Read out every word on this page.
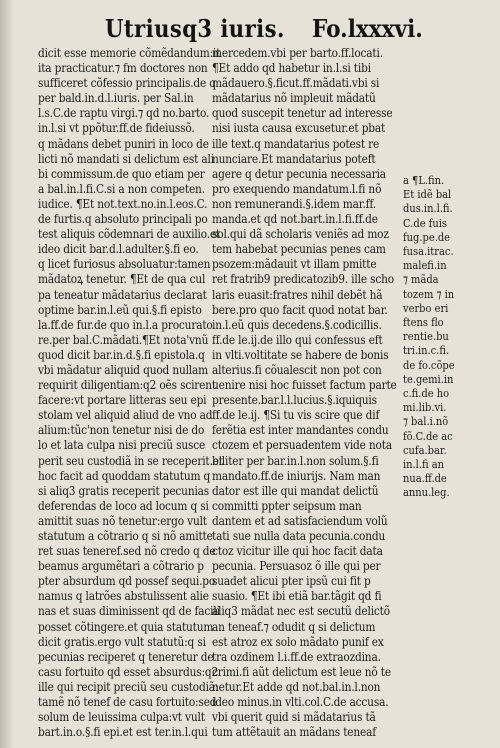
Utriusq3 iuris. Fo.lxxxvi.
dicit esse memorie cõmẽdandum:it
ita practicatur.⁊ fm doctores non
sufficeret cõfessio principalis.de q
per bald.in.d.l.iuris. per Sal.in
l.s.C.de raptu virgi.⁊ qd no.barto.
in.l.si vt ppõtur.ff.de fideiussõ.
q mãdans debet puniri in loco de
licti nõ mandati si delictum est ali
bi commissum.de quo etiam per
a bal.in.l.fi.C.si a non competen.
iudice. ¶Et not.text.no.in.l.eos.C.
de furtis.q absoluto principali po
test aliquis cõdemnari de auxilio.et
ideo dicit bar.d.l.adulter.§.fi eo.
q licet furiosus absoluatur:tamen
mãdatoꝝ tenetur. ¶Et de qua cul
pa teneatur mãdatarius declarat
optime bar.in.l.eũ qui.§.fi episto
la.ff.de fur.de quo in.l.a procurato
re.per bal.C.mãdati.¶Et nota'vnũ
quod dicit bar.in.d.§.fi epistola.q
vbi mãdatur aliquid quod nullam
requirit diligentiam:q2 oẽs scirent
facere:vt portare litteras seu epi
stolam vel aliquid aliud de vno ad
alium:tũc'non tenetur nisi de do
lo et lata culpa nisi preciũ susce
perit seu custodiã in se receperit.et
hoc facit ad quoddam statutum q
si aliq3 gratis receperit pecunias
deferendas de loco ad locum q si
amittit suas nõ tenetur:ergo vult
statutum a cõtrario q si nõ amitte
ret suas teneref.sed nõ credo q de
beamus argumẽtari a cõtrario p
pter absurdum qd possef sequi.po
namus q latrões abstulissent alie
nas et suas diminissent qd de facili
posset cõtingere.et quia statutum
dicit gratis.ergo vult statutũ:q si
pecunias reciperet q teneretur de
casu fortuito qd esset absurdus:q2
ille qui recipit preciũ seu custodiã:
tamẽ nõ tenef de casu fortuito:sed
solum de leuissima culpa:vt vult
bart.in.o.§.fi epi.et est ter.in.l.qui
mercedem.vbi per barto.ff.locati.
¶Et addo qd habetur in.l.si tibi
mãdauero.§.ficut.ff.mãdati.vbi si
mãdatarius nõ impleuit mãdatũ
quod suscepit tenetur ad interesse
nisi iusta causa excusetur.et pbat
ille text.q mandatarius potest re
nunciare.Et mandatarius poteft
agere q detur pecunia necessaria
pro exequendo mandatum.l.fi nõ
non remunerandi.§.idem mar.ff.
manda.et qd not.bart.in.l.fi.ff.de
sol.qui dã scholaris veniẽs ad moz
tem habebat pecunias penes cam
psozem:mãdauit vt illam pmitte
ret fratrib9 predicatozib9. ille scho
laris euasit:fratres nihil debẽt hã
bere.pro quo facit quod notat bar.
in.l.eũ quis decedens.§.codicillis.
ff.de le.ij.de illo qui confessus eft
in vlti.voltitate se habere de bonis
alterius.fi cõualescit non pot con
uenire nisi hoc fuisset factum parte
presente.bar.l.l.lucius.§.iquiquis
ff.de le.ij. ¶Si tu vis scire que dif
ferẽtia est inter mandantes condu
ctozem et persuadentem vide nota
biliter per bar.in.l.non solum.§.fi
mandato.ff.de iniurijs. Nam man
dator est ille qui mandat delictũ
committi ppter seipsum man
dantem et ad satisfaciendum volũ
tati sue nulla data pecunia.condu
ctoz vicitur ille qui hoc facit data
pecunia. Persuasoz õ ille qui per
suadet alicui pter ipsũ cui fit p
suasio. ¶Et ibi etiã bar.tãgit qd fi
aliq3 mãdat nec est secutũ delictõ
an teneaf.⁊ odudit q si delictum
est atroz ex solo mãdato punif ex
tra ozdinem l.i.ff.de extraozdina.
crimi.fi aũt delictum est leue nõ te
netur.Et adde qd not.bal.in.l.non
ideo minus.in vlti.col.C.de accusa.
vbi querit quid si mãdatarius tã
tum attẽtauit an mãdans teneaf
a ¶L.fin.
Et idẽ bal
dus.in.l.fi.
C.de fuis
fug.pe.de
fusa.itrac.
malefi.in
⁊ mãda
tozem ⁊ in
verbo eri
ftens flo
rentie.bu
tri.in.c.fi.
de fo.cõpe
te.gemi.in
c.fi.de ho
mi.lib.vi.
⁊ bal.i.nõ
fõ.C.de ac
cufa.bar.
in.l.fi an
nua.ff.de
annu.leg.
